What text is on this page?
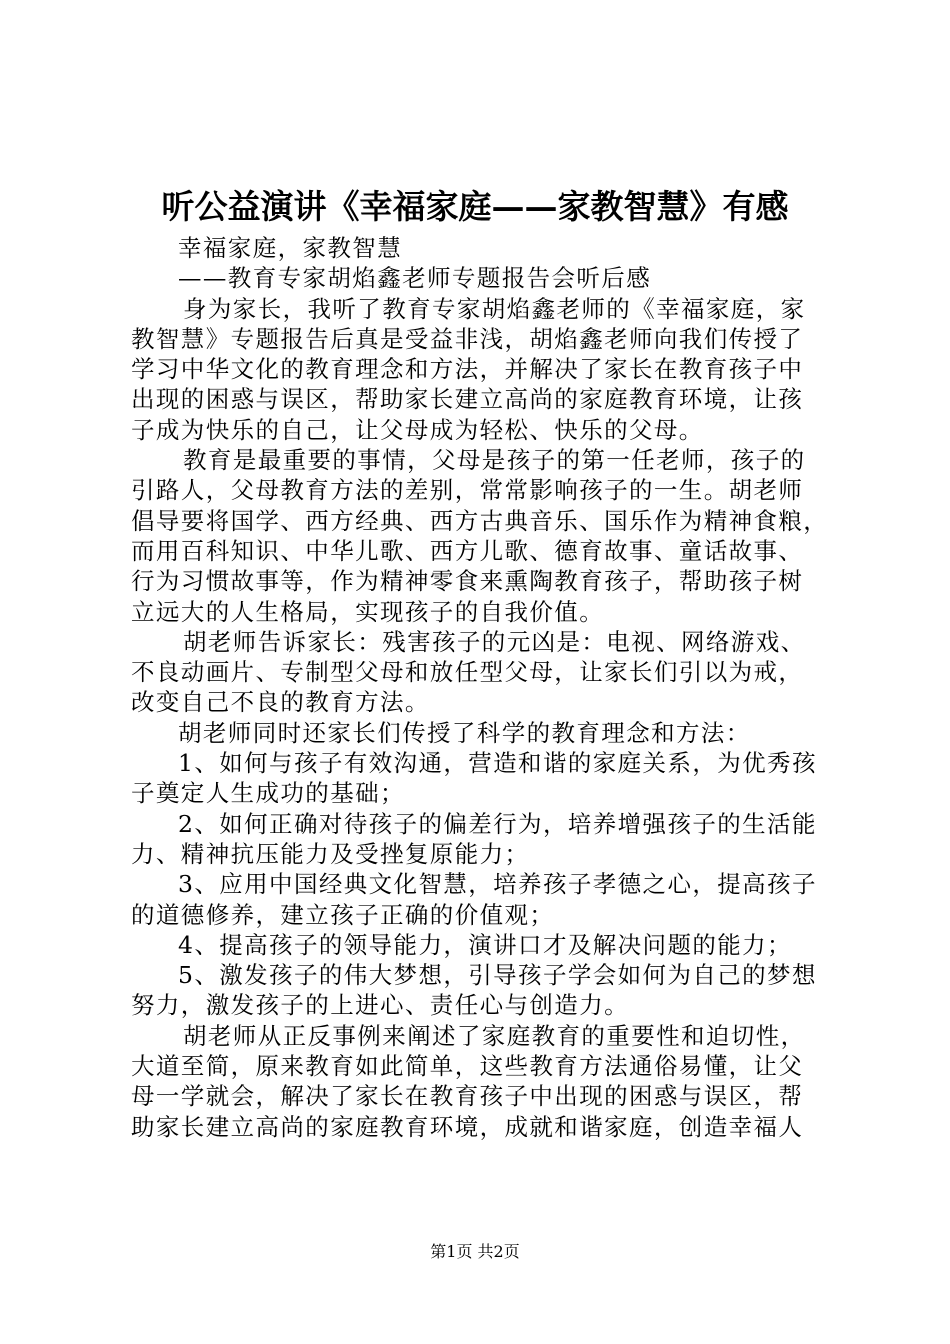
听公益演讲《幸福家庭——家教智慧》有感
幸福家庭，家教智慧
——教育专家胡焰鑫老师专题报告会听后感
身为家长，我听了教育专家胡焰鑫老师的《幸福家庭，家
教智慧》专题报告后真是受益非浅，胡焰鑫老师向我们传授了
学习中华文化的教育理念和方法，并解决了家长在教育孩子中
出现的困惑与误区，帮助家长建立高尚的家庭教育环境，让孩
子成为快乐的自己，让父母成为轻松、快乐的父母。
教育是最重要的事情，父母是孩子的第一任老师，孩子的
引路人，父母教育方法的差别，常常影响孩子的一生。胡老师
倡导要将国学、西方经典、西方古典音乐、国乐作为精神食粮，
而用百科知识、中华儿歌、西方儿歌、德育故事、童话故事、
行为习惯故事等，作为精神零食来熏陶教育孩子，帮助孩子树
立远大的人生格局，实现孩子的自我价值。
胡老师告诉家长：残害孩子的元凶是：电视、网络游戏、
不良动画片、专制型父母和放任型父母，让家长们引以为戒，
改变自己不良的教育方法。
胡老师同时还家长们传授了科学的教育理念和方法：
1、如何与孩子有效沟通，营造和谐的家庭关系，为优秀孩
子奠定人生成功的基础；
2、如何正确对待孩子的偏差行为，培养增强孩子的生活能
力、精神抗压能力及受挫复原能力；
3、应用中国经典文化智慧，培养孩子孝德之心，提高孩子
的道德修养，建立孩子正确的价值观；
4、提高孩子的领导能力，演讲口才及解决问题的能力；
5、激发孩子的伟大梦想，引导孩子学会如何为自己的梦想
努力，激发孩子的上进心、责任心与创造力。
胡老师从正反事例来阐述了家庭教育的重要性和迫切性，
大道至简，原来教育如此简单，这些教育方法通俗易懂，让父
母一学就会，解决了家长在教育孩子中出现的困惑与误区，帮
助家长建立高尚的家庭教育环境，成就和谐家庭，创造幸福人
第1页 共2页
